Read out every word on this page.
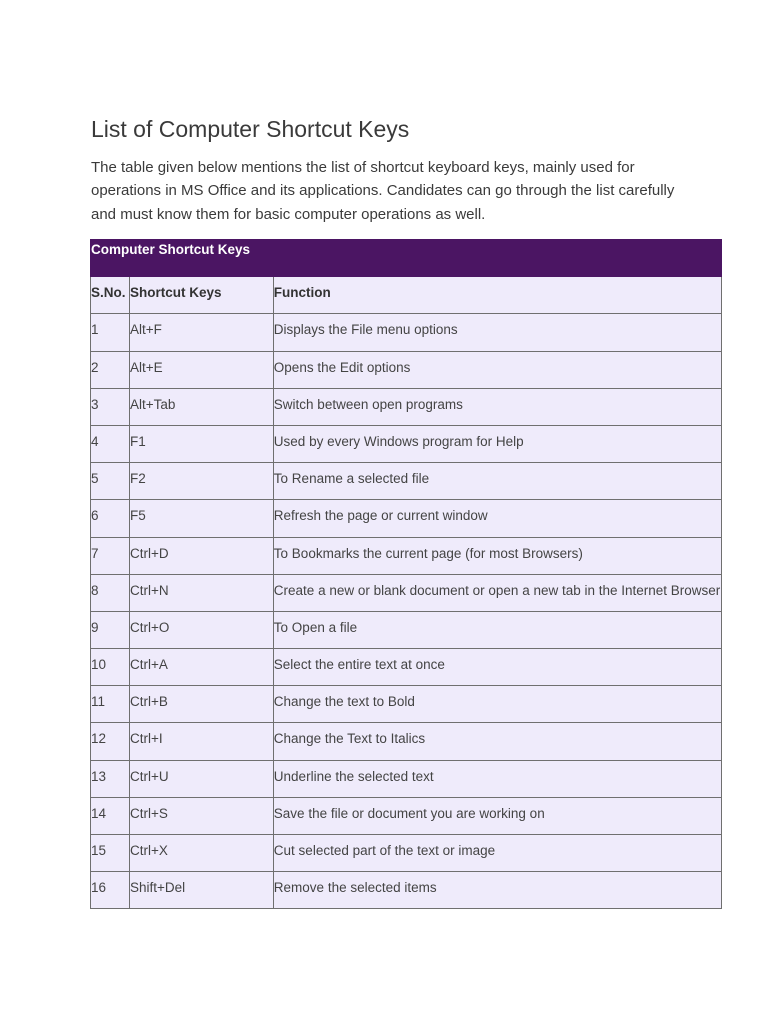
List of Computer Shortcut Keys

The table given below mentions the list of shortcut keyboard keys, mainly used for operations in MS Office and its applications. Candidates can go through the list carefully and must know them for basic computer operations as well.

Computer Shortcut Keys		
S.No.	Shortcut Keys	Function
1	Alt+F	Displays the File menu options
2	Alt+E	Opens the Edit options
3	Alt+Tab	Switch between open programs
4	F1	Used by every Windows program for Help
5	F2	To Rename a selected file
6	F5	Refresh the page or current window
7	Ctrl+D	To Bookmarks the current page (for most Browsers)
8	Ctrl+N	Create a new or blank document or open a new tab in the Internet Browser
9	Ctrl+O	To Open a file
10	Ctrl+A	Select the entire text at once
11	Ctrl+B	Change the text to Bold
12	Ctrl+I	Change the Text to Italics
13	Ctrl+U	Underline the selected text
14	Ctrl+S	Save the file or document you are working on
15	Ctrl+X	Cut selected part of the text or image
16	Shift+Del	Remove the selected items
